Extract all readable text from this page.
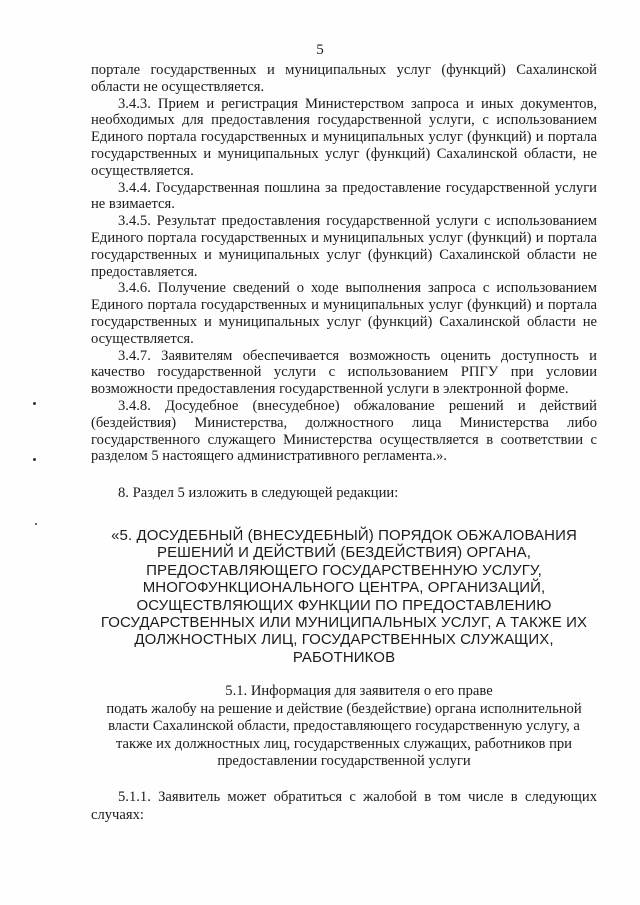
5

порталe государственных и муниципальных услуг (функций) Сахалинской области не осуществляется.

3.4.3. Прием и регистрация Министерством запроса и иных документов, необходимых для предоставления государственной услуги, с использованием Единого портала государственных и муниципальных услуг (функций) и портала государственных и муниципальных услуг (функций) Сахалинской области, не осуществляется.

3.4.4. Государственная пошлина за предоставление государственной услуги не взимается.

3.4.5. Результат предоставления государственной услуги с использованием Единого портала государственных и муниципальных услуг (функций) и портала государственных и муниципальных услуг (функций) Сахалинской области не предоставляется.

3.4.6. Получение сведений о ходе выполнения запроса с использованием Единого портала государственных и муниципальных услуг (функций) и портала государственных и муниципальных услуг (функций) Сахалинской области не осуществляется.

3.4.7. Заявителям обеспечивается возможность оценить доступность и качество государственной услуги с использованием РПГУ при условии возможности предоставления государственной услуги в электронной форме.

3.4.8. Досудебное (внесудебное) обжалование решений и действий (бездействия) Министерства, должностного лица Министерства либо государственного служащего Министерства осуществляется в соответствии с разделом 5 настоящего административного регламента.».

8. Раздел 5 изложить в следующей редакции:
«5. ДОСУДЕБНЫЙ (ВНЕСУДЕБНЫЙ) ПОРЯДОК ОБЖАЛОВАНИЯ РЕШЕНИЙ И ДЕЙСТВИЙ (БЕЗДЕЙСТВИЯ) ОРГАНА, ПРЕДОСТАВЛЯЮЩЕГО ГОСУДАРСТВЕННУЮ УСЛУГУ, МНОГОФУНКЦИОНАЛЬНОГО ЦЕНТРА, ОРГАНИЗАЦИЙ, ОСУЩЕСТВЛЯЮЩИХ ФУНКЦИИ ПО ПРЕДОСТАВЛЕНИЮ ГОСУДАРСТВЕННЫХ ИЛИ МУНИЦИПАЛЬНЫХ УСЛУГ, А ТАКЖЕ ИХ ДОЛЖНОСТНЫХ ЛИЦ, ГОСУДАРСТВЕННЫХ СЛУЖАЩИХ, РАБОТНИКОВ
5.1. Информация для заявителя о его праве
подать жалобу на решение и действие (бездействие) органа исполнительной власти Сахалинской области, предоставляющего государственную услугу, а также их должностных лиц, государственных служащих, работников при предоставлении государственной услуги

5.1.1. Заявитель может обратиться с жалобой в том числе в следующих случаях:
